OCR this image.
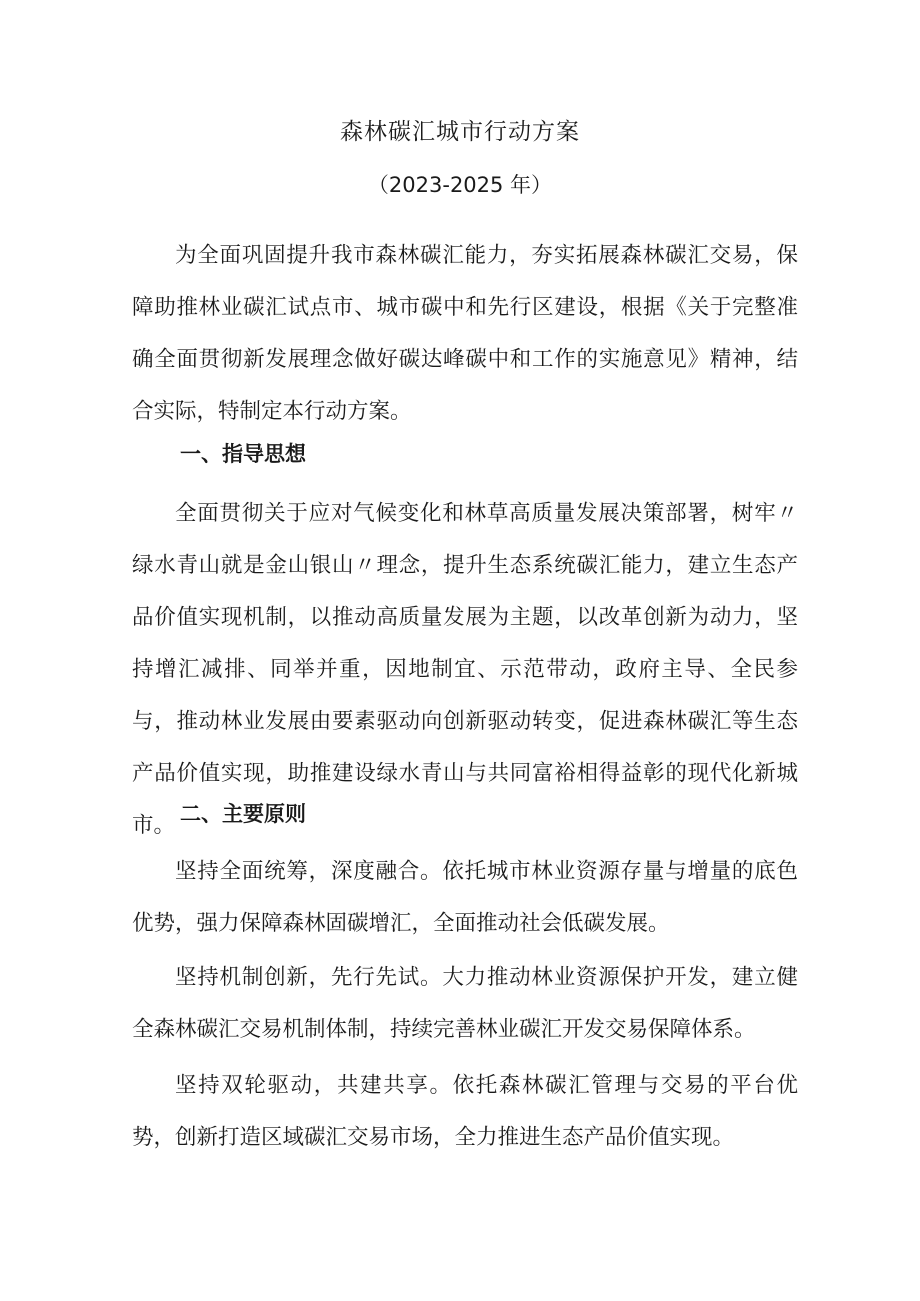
森林碳汇城市行动方案
（2023-2025 年）

为全面巩固提升我市森林碳汇能力，夯实拓展森林碳汇交易，保障助推林业碳汇试点市、城市碳中和先行区建设，根据《关于完整准确全面贯彻新发展理念做好碳达峰碳中和工作的实施意见》精神，结合实际，特制定本行动方案。

一、指导思想

全面贯彻关于应对气候变化和林草高质量发展决策部署，树牢〃绿水青山就是金山银山〃理念，提升生态系统碳汇能力，建立生态产品价值实现机制，以推动高质量发展为主题，以改革创新为动力，坚持增汇减排、同举并重，因地制宜、示范带动，政府主导、全民参与，推动林业发展由要素驱动向创新驱动转变，促进森林碳汇等生态产品价值实现，助推建设绿水青山与共同富裕相得益彰的现代化新城市。 二、主要原则

坚持全面统筹，深度融合。依托城市林业资源存量与增量的底色优势，强力保障森林固碳增汇，全面推动社会低碳发展。

坚持机制创新，先行先试。大力推动林业资源保护开发，建立健全森林碳汇交易机制体制，持续完善林业碳汇开发交易保障体系。

坚持双轮驱动，共建共享。依托森林碳汇管理与交易的平台优势，创新打造区域碳汇交易市场，全力推进生态产品价值实现。
